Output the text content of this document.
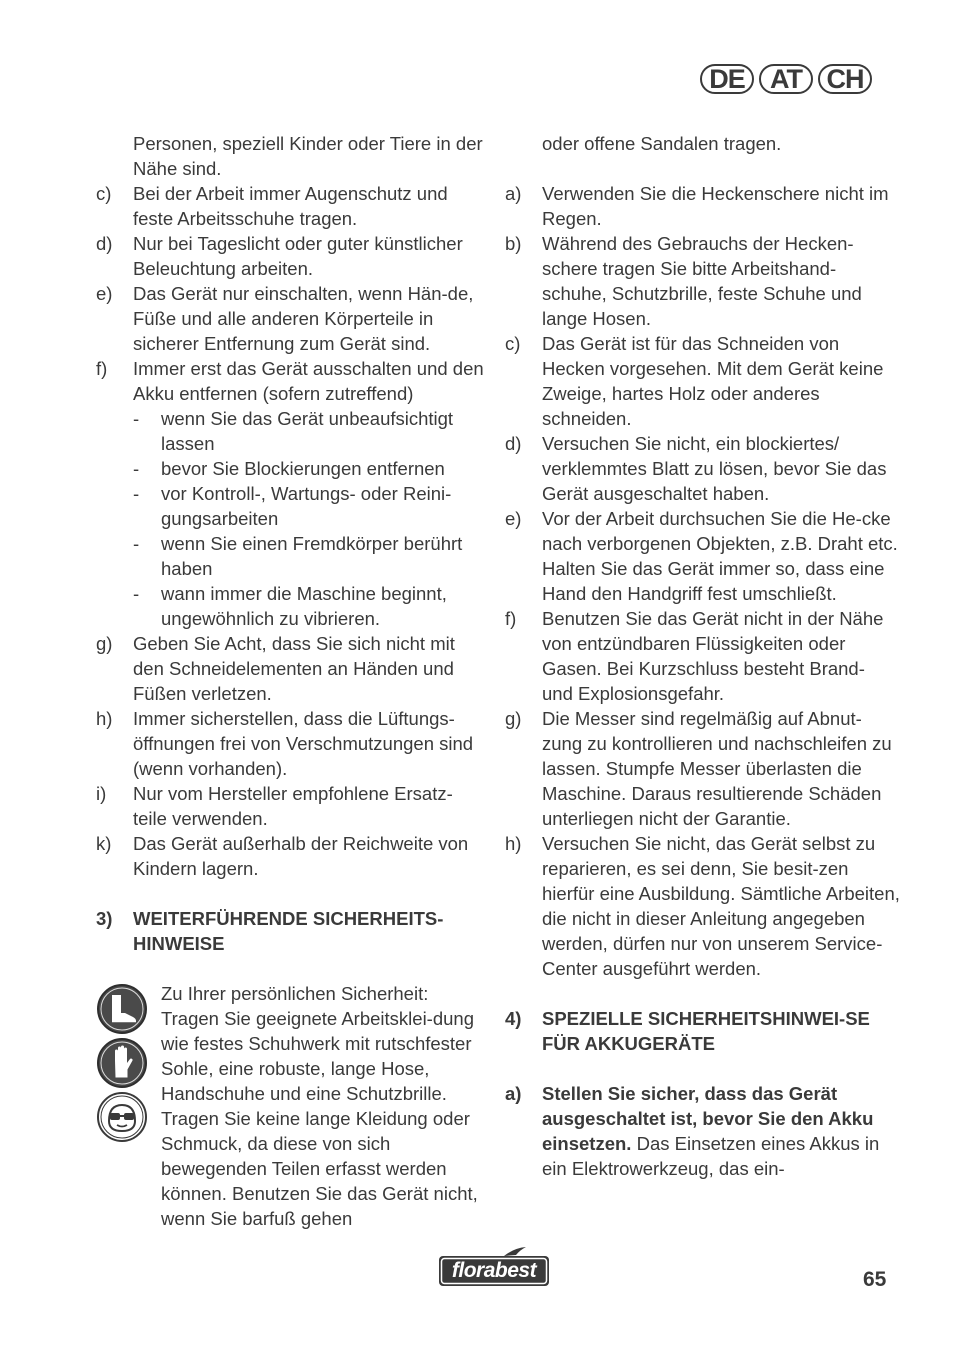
DE AT CH

Personen, speziell Kinder oder Tiere in der Nähe sind.

c)	Bei der Arbeit immer Augenschutz und feste Arbeitsschuhe tragen.
d)	Nur bei Tageslicht oder guter künstlicher Beleuchtung arbeiten.
e)	Das Gerät nur einschalten, wenn Hän-de, Füße und alle anderen Körperteile in sicherer Entfernung zum Gerät sind.
f)	Immer erst das Gerät ausschalten und den Akku entfernen (sofern zutreffend)
-	wenn Sie das Gerät unbeaufsichtigt lassen
-	bevor Sie Blockierungen entfernen
-	vor Kontroll-, Wartungs- oder Reini-gungsarbeiten
-	wenn Sie einen Fremdkörper berührt haben
-	wann immer die Maschine beginnt, ungewöhnlich zu vibrieren.
g)	Geben Sie Acht, dass Sie sich nicht mit den Schneidelementen an Händen und Füßen verletzen.
h)	Immer sicherstellen, dass die Lüftungs-öffnungen frei von Verschmutzungen sind (wenn vorhanden).
i)	Nur vom Hersteller empfohlene Ersatz-teile verwenden.
k)	Das Gerät außerhalb der Reichweite von Kindern lagern.
3)	WEITERFÜHRENDE SICHERHEITS-HINWEISE

Zu Ihrer persönlichen Sicherheit: Tragen Sie geeignete Arbeitsklei-dung wie festes Schuhwerk mit rutschfester Sohle, eine robuste, lange Hose, Handschuhe und eine Schutzbrille. Tragen Sie keine lange Kleidung oder Schmuck, da diese von sich bewegenden Teilen erfasst werden können. Benutzen Sie das Gerät nicht, wenn Sie barfuß gehen

oder offene Sandalen tragen.

a)	Verwenden Sie die Heckenschere nicht im Regen.
b)	Während des Gebrauchs der Hecken-schere tragen Sie bitte Arbeitshand-schuhe, Schutzbrille, feste Schuhe und lange Hosen.
c)	Das Gerät ist für das Schneiden von Hecken vorgesehen. Mit dem Gerät keine Zweige, hartes Holz oder anderes schneiden.
d)	Versuchen Sie nicht, ein blockiertes/ verklemmtes Blatt zu lösen, bevor Sie das Gerät ausgeschaltet haben.
e)	Vor der Arbeit durchsuchen Sie die He-cke nach verborgenen Objekten, z.B. Draht etc. Halten Sie das Gerät immer so, dass eine Hand den Handgriff fest umschließt.
f)	Benutzen Sie das Gerät nicht in der Nähe von entzündbaren Flüssigkeiten oder Gasen. Bei Kurzschluss besteht Brand- und Explosionsgefahr.
g)	Die Messer sind regelmäßig auf Abnut-zung zu kontrollieren und nachschleifen zu lassen. Stumpfe Messer überlasten die Maschine. Daraus resultierende Schäden unterliegen nicht der Garantie.
h)	Versuchen Sie nicht, das Gerät selbst zu reparieren, es sei denn, Sie besit-zen hierfür eine Ausbildung. Sämtliche Arbeiten, die nicht in dieser Anleitung angegeben werden, dürfen nur von unserem Service-Center ausgeführt werden.
4)	SPEZIELLE SICHERHEITSHINWEI-SE FÜR AKKUGERÄTE
a)	Stellen Sie sicher, dass das Gerät ausgeschaltet ist, bevor Sie den Akku einsetzen. Das Einsetzen eines Akkus in ein Elektrowerkzeug, das ein-
florabest	65
